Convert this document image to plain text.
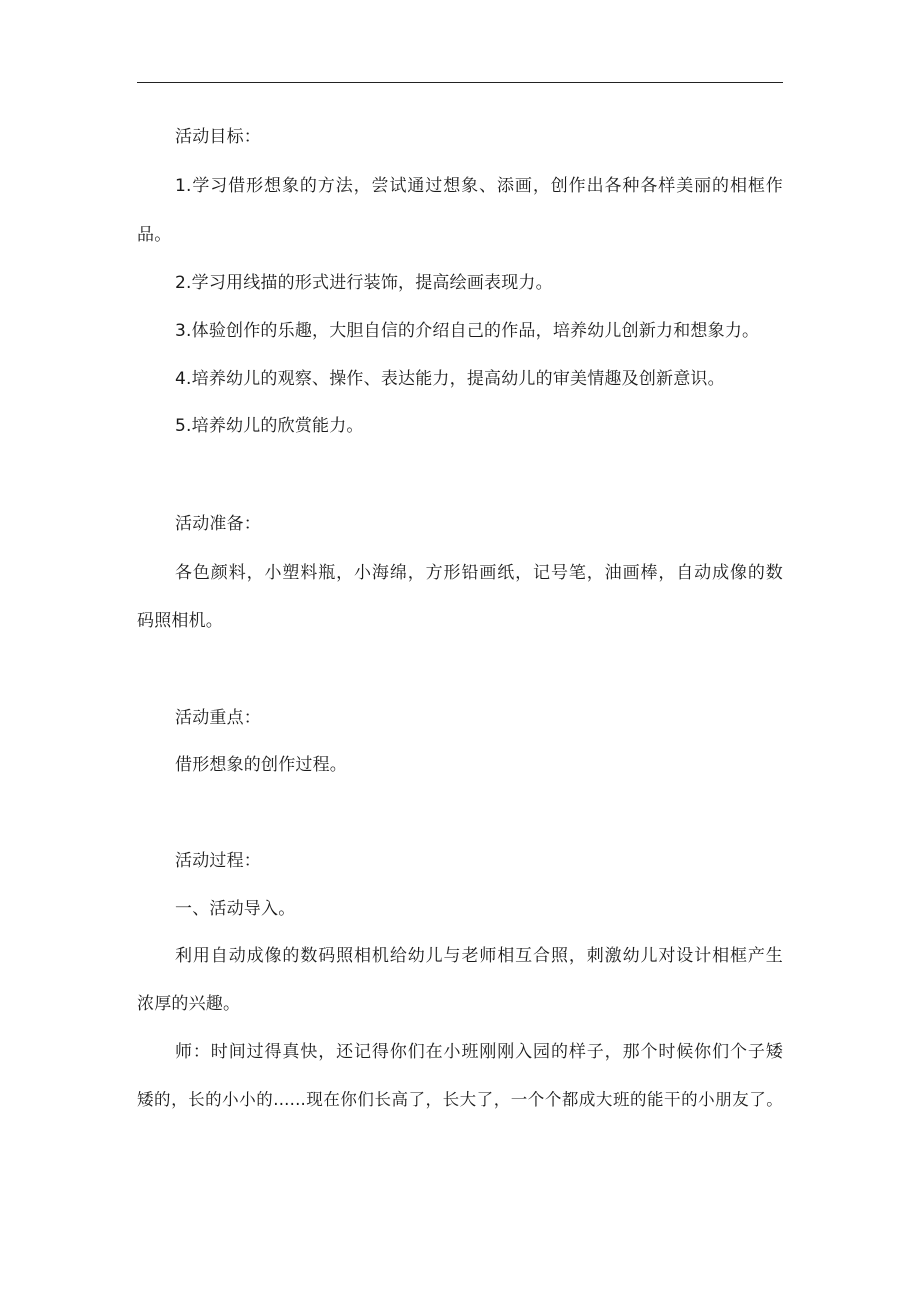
活动目标：
1.学习借形想象的方法，尝试通过想象、添画，创作出各种各样美丽的相框作
品。
2.学习用线描的形式进行装饰，提高绘画表现力。
3.体验创作的乐趣，大胆自信的介绍自己的作品，培养幼儿创新力和想象力。
4.培养幼儿的观察、操作、表达能力，提高幼儿的审美情趣及创新意识。
5.培养幼儿的欣赏能力。
活动准备：
各色颜料，小塑料瓶，小海绵，方形铅画纸，记号笔，油画棒，自动成像的数
码照相机。
活动重点：
借形想象的创作过程。
活动过程：
一、活动导入。
利用自动成像的数码照相机给幼儿与老师相互合照，刺激幼儿对设计相框产生
浓厚的兴趣。
师：时间过得真快，还记得你们在小班刚刚入园的样子，那个时候你们个子矮
矮的，长的小小的......现在你们长高了，长大了，一个个都成大班的能干的小朋友了。
